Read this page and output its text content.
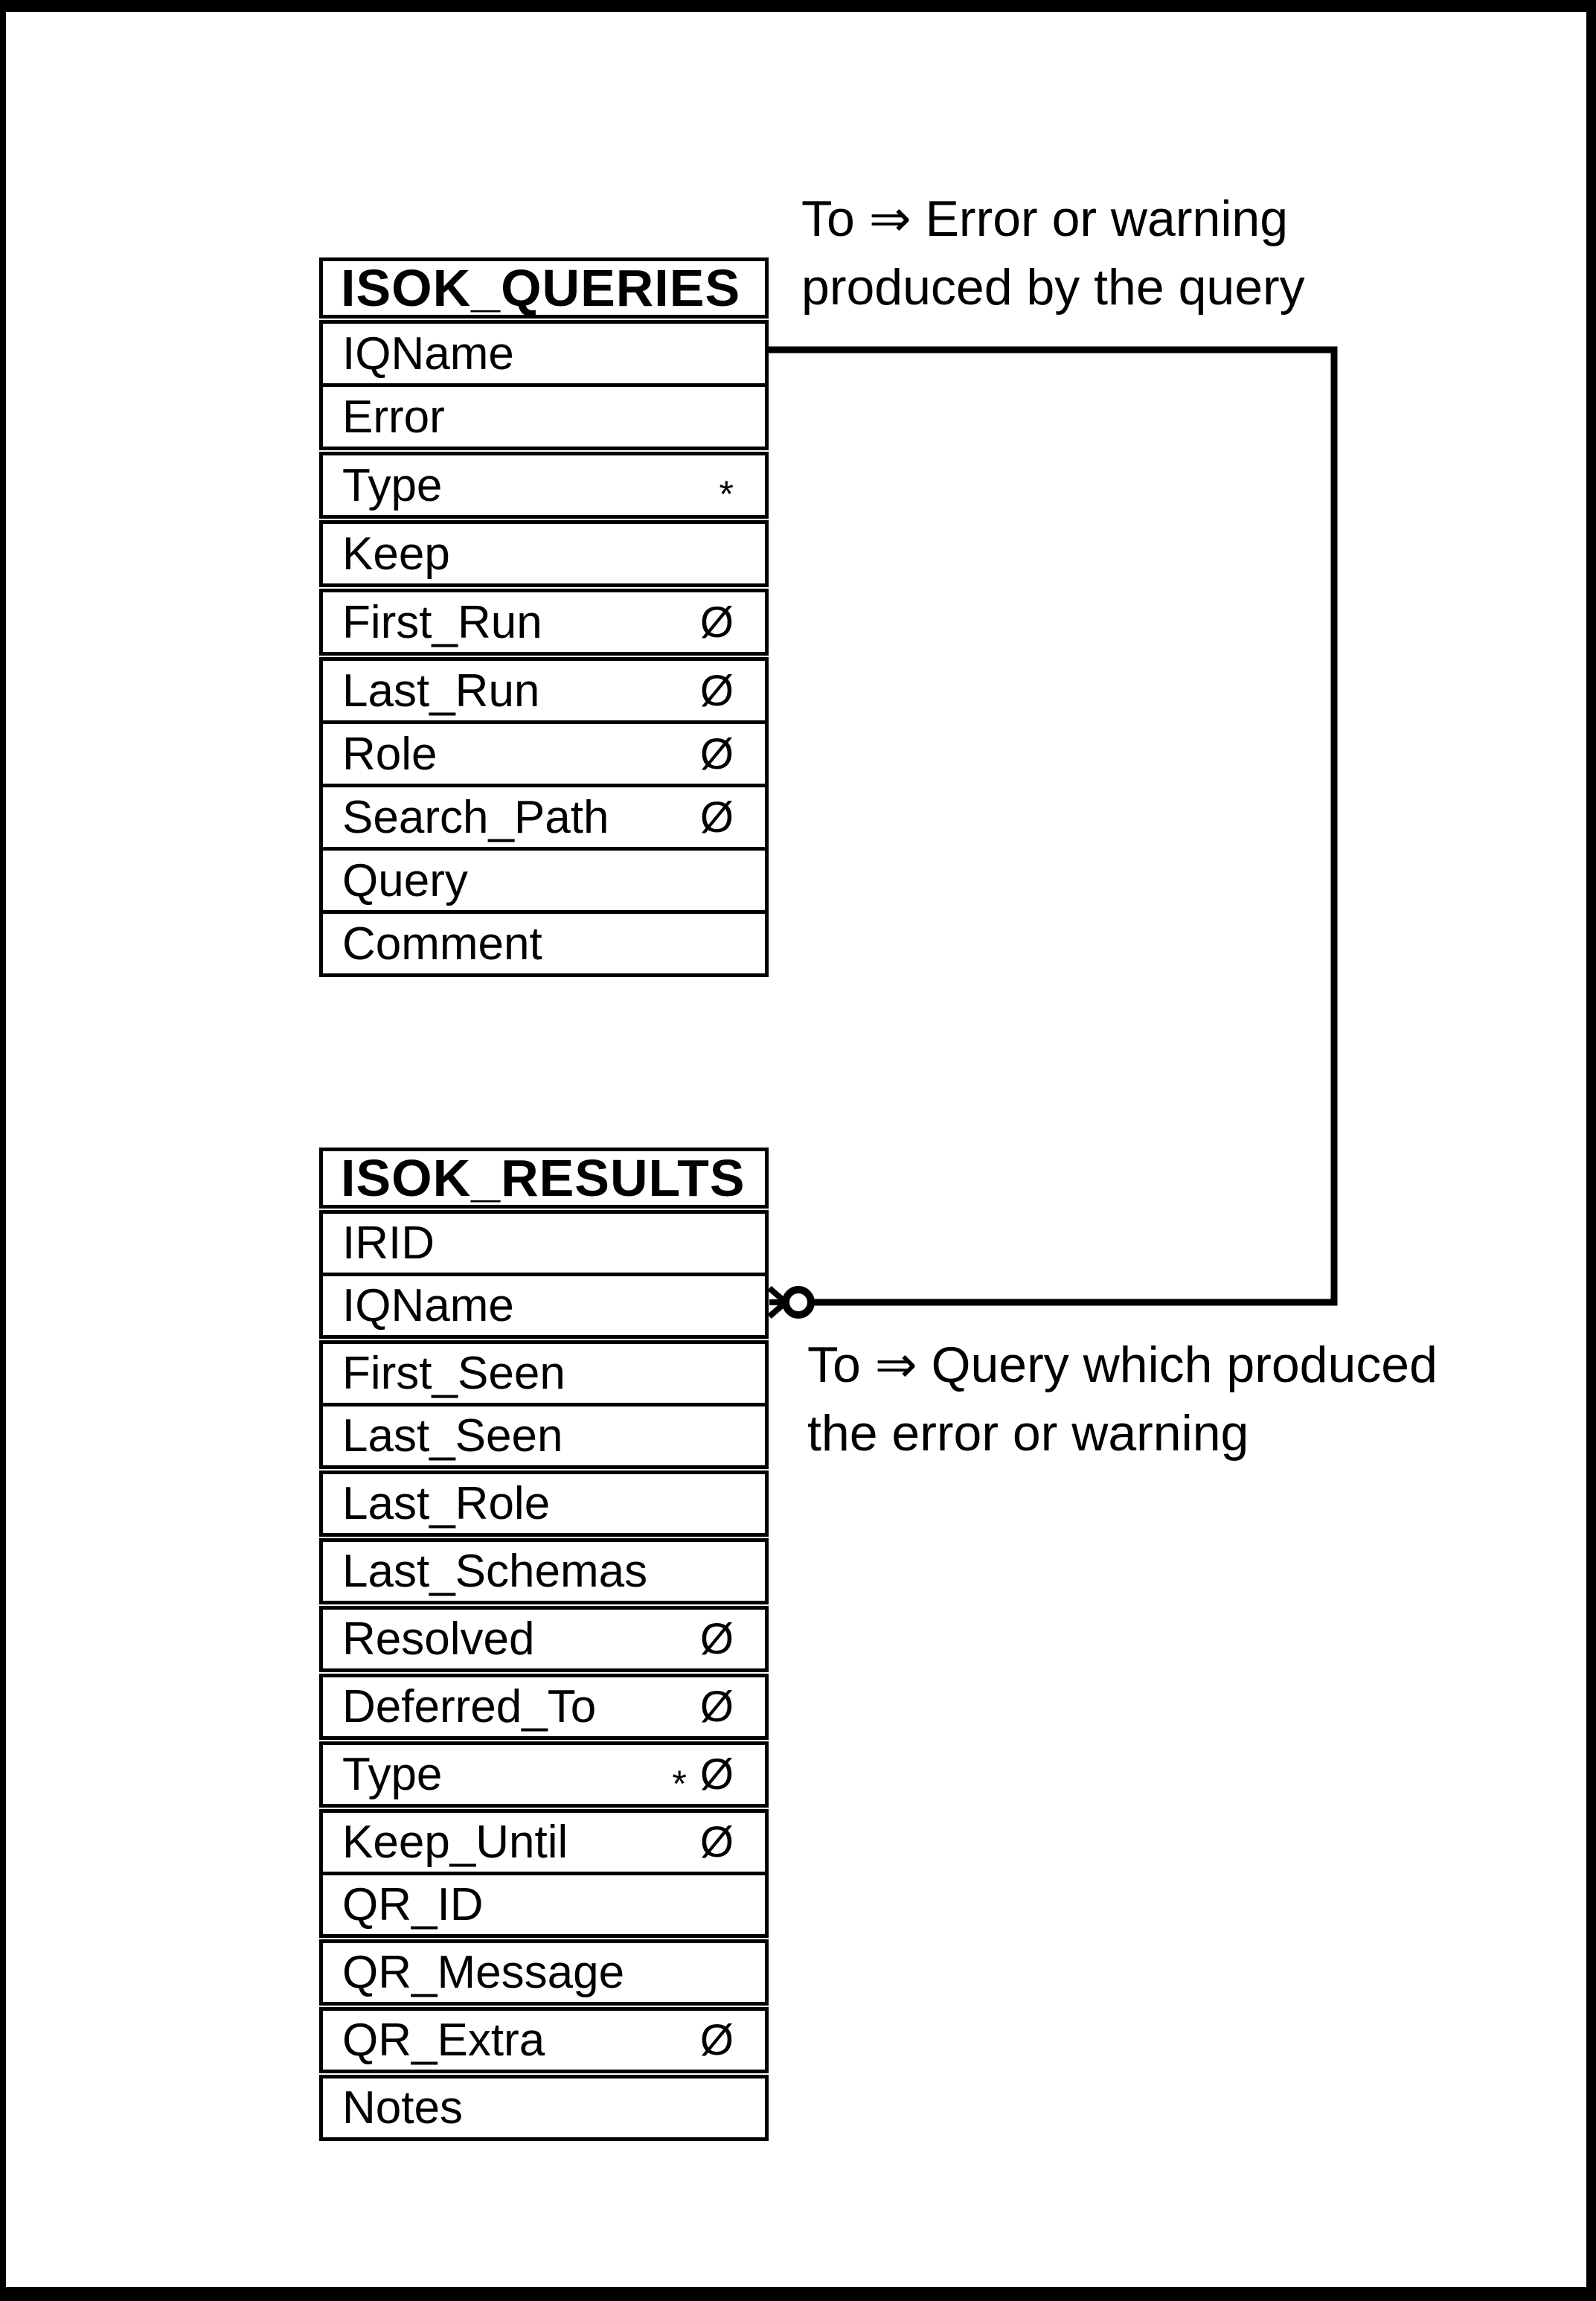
ISOK_QUERIES
IQName
Error
Type	*
Keep
First_Run	Ø
Last_Run	Ø
Role	Ø
Search_Path	Ø
Query
Comment
ISOK_RESULTS
IRID
IQName
First_Seen
Last_Seen
Last_Role
Last_Schemas
Resolved	Ø
Deferred_To	Ø
Type	* Ø
Keep_Until	Ø
QR_ID
QR_Message
QR_Extra	Ø
Notes
To ⇒ Error or warning
produced by the query
To ⇒ Query which produced
the error or warning
